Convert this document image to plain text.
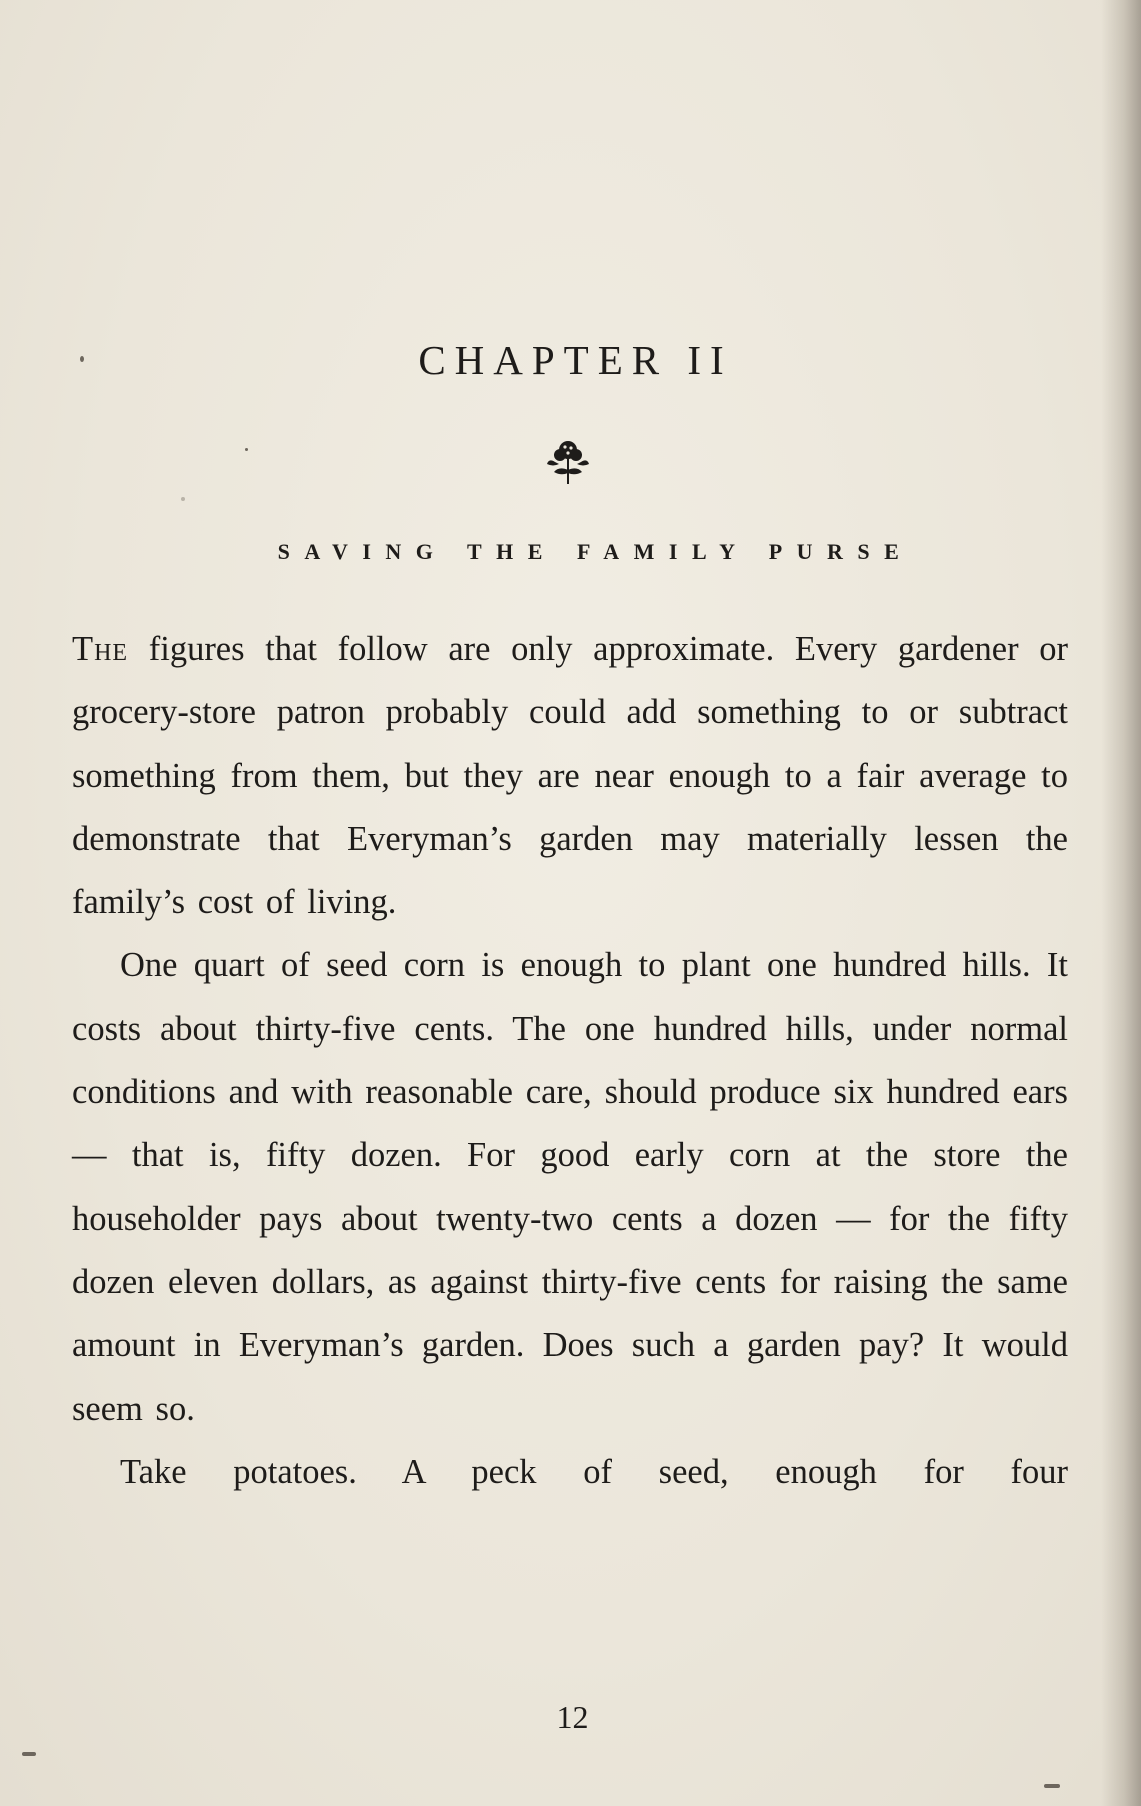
CHAPTER II
SAVING THE FAMILY PURSE

The figures that follow are only approximate. Every gardener or grocery-store patron probably could add something to or subtract something from them, but they are near enough to a fair average to demonstrate that Everyman’s garden may materially lessen the family’s cost of living.

One quart of seed corn is enough to plant one hundred hills. It costs about thirty-five cents. The one hundred hills, under normal conditions and with reasonable care, should produce six hundred ears — that is, fifty dozen. For good early corn at the store the householder pays about twenty-two cents a dozen — for the fifty dozen eleven dollars, as against thirty-five cents for raising the same amount in Everyman’s garden. Does such a garden pay? It would seem so.

Take potatoes. A peck of seed, enough for four

12
